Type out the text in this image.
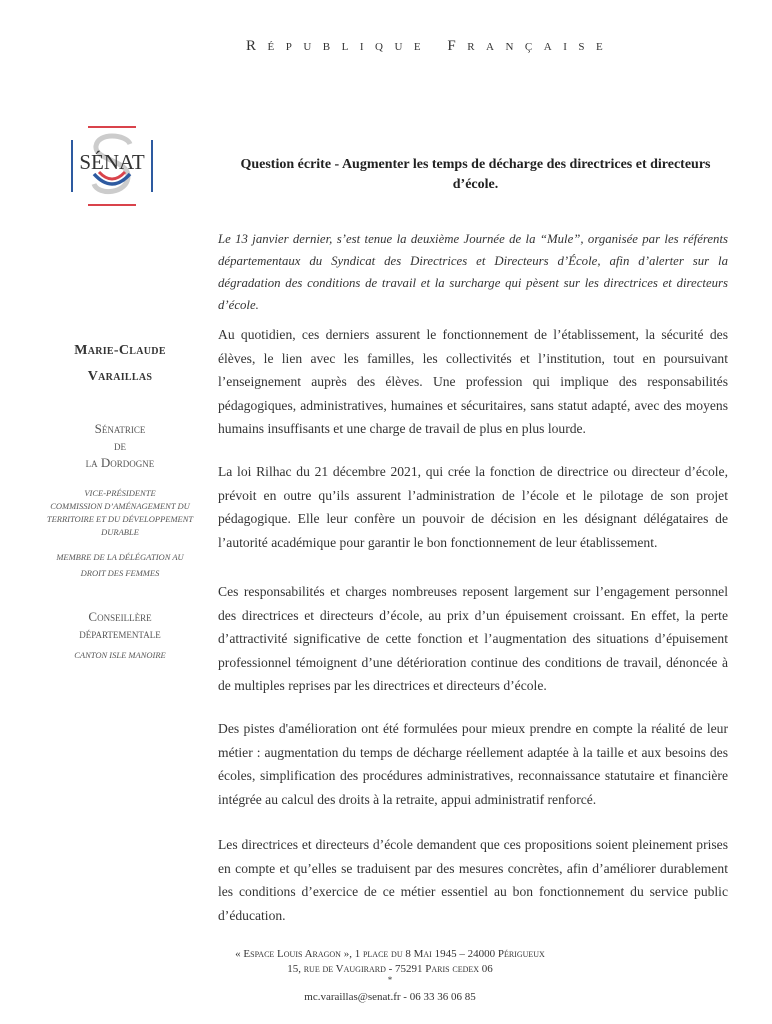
République Française
SÉNAT
Marie-Claude
Varaillas
Sénatrice
de
la Dordogne
VICE-PRÉSIDENTE
COMMISSION D’AMÉNAGEMENT DU
TERRITOIRE ET DU DÉVELOPPEMENT
DURABLE
MEMBRE DE LA DÉLÉGATION AU
DROIT DES FEMMES
Conseillère
départementale
CANTON ISLE MANOIRE
Question écrite - Augmenter les temps de décharge des directrices et directeurs d’école.
Le 13 janvier dernier, s’est tenue la deuxième Journée de la “Mule”, organisée par les référents départementaux du Syndicat des Directrices et Directeurs d’École, afin d’alerter sur la dégradation des conditions de travail et la surcharge qui pèsent sur les directrices et directeurs d’école.
Au quotidien, ces derniers assurent le fonctionnement de l’établissement, la sécurité des élèves, le lien avec les familles, les collectivités et l’institution, tout en poursuivant l’enseignement auprès des élèves. Une profession qui implique des responsabilités pédagogiques, administratives, humaines et sécuritaires, sans statut adapté, avec des moyens humains insuffisants et une charge de travail de plus en plus lourde.
La loi Rilhac du 21 décembre 2021, qui crée la fonction de directrice ou directeur d’école, prévoit en outre qu’ils assurent l’administration de l’école et le pilotage de son projet pédagogique. Elle leur confère un pouvoir de décision en les désignant délégataires de l’autorité académique pour garantir le bon fonctionnement de leur établissement.
Ces responsabilités et charges nombreuses reposent largement sur l’engagement personnel des directrices et directeurs d’école, au prix d’un épuisement croissant. En effet, la perte d’attractivité significative de cette fonction et l’augmentation des situations d’épuisement professionnel témoignent d’une détérioration continue des conditions de travail, dénoncée à de multiples reprises par les directrices et directeurs d’école.
Des pistes d'amélioration ont été formulées pour mieux prendre en compte la réalité de leur métier : augmentation du temps de décharge réellement adaptée à la taille et aux besoins des écoles, simplification des procédures administratives, reconnaissance statutaire et financière intégrée au calcul des droits à la retraite, appui administratif renforcé.
Les directrices et directeurs d’école demandent que ces propositions soient pleinement prises en compte et qu’elles se traduisent par des mesures concrètes, afin d’améliorer durablement les conditions d’exercice de ce métier essentiel au bon fonctionnement du service public d’éducation.
« Espace Louis Aragon », 1 place du 8 Mai 1945 – 24000 Périgueux
15, rue de Vaugirard - 75291 Paris cedex 06
*
mc.varaillas@senat.fr - 06 33 36 06 85
